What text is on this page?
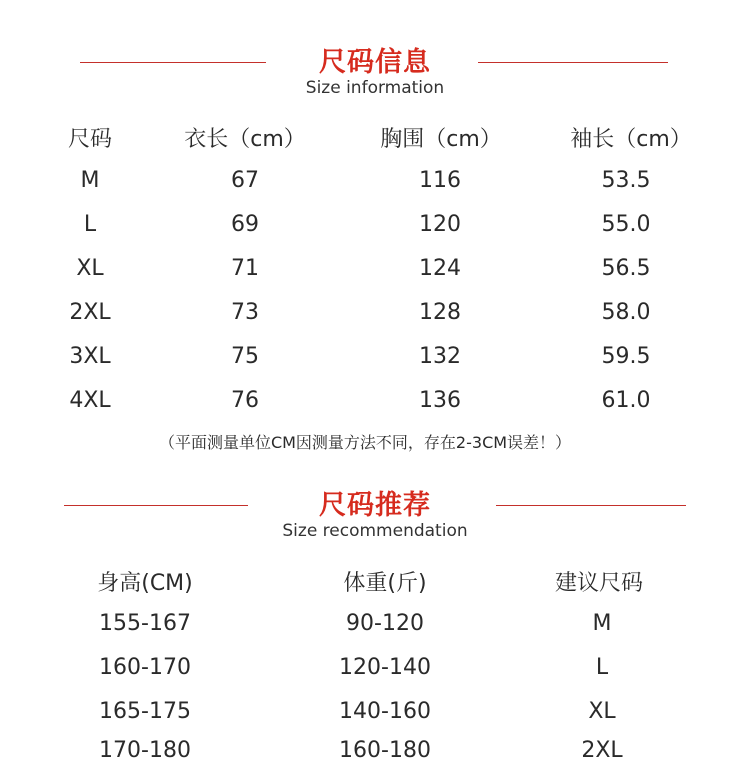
尺码信息
Size information
尺码	衣长（cm）	胸围（cm）	袖长（cm）
M	67	116	53.5
L	69	120	55.0
XL	71	124	56.5
2XL	73	128	58.0
3XL	75	132	59.5
4XL	76	136	61.0
（平面测量单位CM因测量方法不同，存在2-3CM误差！）
尺码推荐
Size recommendation
身高(CM)	体重(斤)	建议尺码
155-167	90-120	M
160-170	120-140	L
165-175	140-160	XL
170-180	160-180	2XL
